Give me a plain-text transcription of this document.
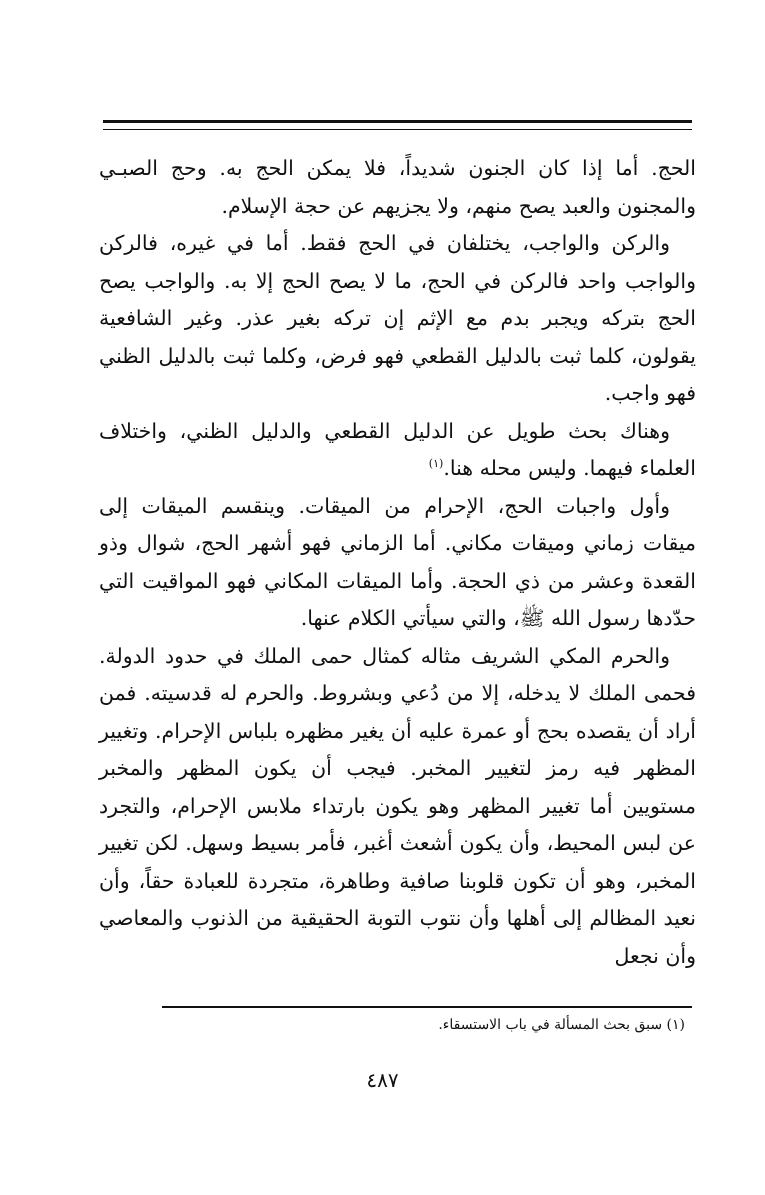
الحج. أما إذا كان الجنون شديداً، فلا يمكن الحج به. وحج الصبـي والمجنون والعبد يصح منهم، ولا يجزيهم عن حجة الإسلام.

والركن والواجب، يختلفان في الحج فقط. أما في غيره، فالركن والواجب واحد فالركن في الحج، ما لا يصح الحج إلا به. والواجب يصح الحج بتركه ويجبر بدم مع الإثم إن تركه بغير عذر. وغير الشافعية يقولون، كلما ثبت بالدليل القطعي فهو فرض، وكلما ثبت بالدليل الظني فهو واجب.

وهناك بحث طويل عن الدليل القطعي والدليل الظني، واختلاف العلماء فيهما. وليس محله هنا.$^{(١)}$

وأول واجبات الحج، الإحرام من الميقات. وينقسم الميقات إلى ميقات زماني وميقات مكاني. أما الزماني فهو أشهر الحج، شوال وذو القعدة وعشر من ذي الحجة. وأما الميقات المكاني فهو المواقيت التي حدّدها رسول الله ﷺ، والتي سيأتي الكلام عنها.

والحرم المكي الشريف مثاله كمثال حمى الملك في حدود الدولة. فحمى الملك لا يدخله، إلا من دُعي وبشروط. والحرم له قدسيته. فمن أراد أن يقصده بحج أو عمرة عليه أن يغير مظهره بلباس الإحرام. وتغيير المظهر فيه رمز لتغيير المخبر. فيجب أن يكون المظهر والمخبر مستويين أما تغيير المظهر وهو يكون بارتداء ملابس الإحرام، والتجرد عن لبس المحيط، وأن يكون أشعث أغبر، فأمر بسيط وسهل. لكن تغيير المخبر، وهو أن تكون قلوبنا صافية وطاهرة، متجردة للعبادة حقاً، وأن نعيد المظالم إلى أهلها وأن نتوب التوبة الحقيقية من الذنوب والمعاصي وأن نجعل

(١) سبق بحث المسألة في باب الاستسقاء.
٤٨٧
